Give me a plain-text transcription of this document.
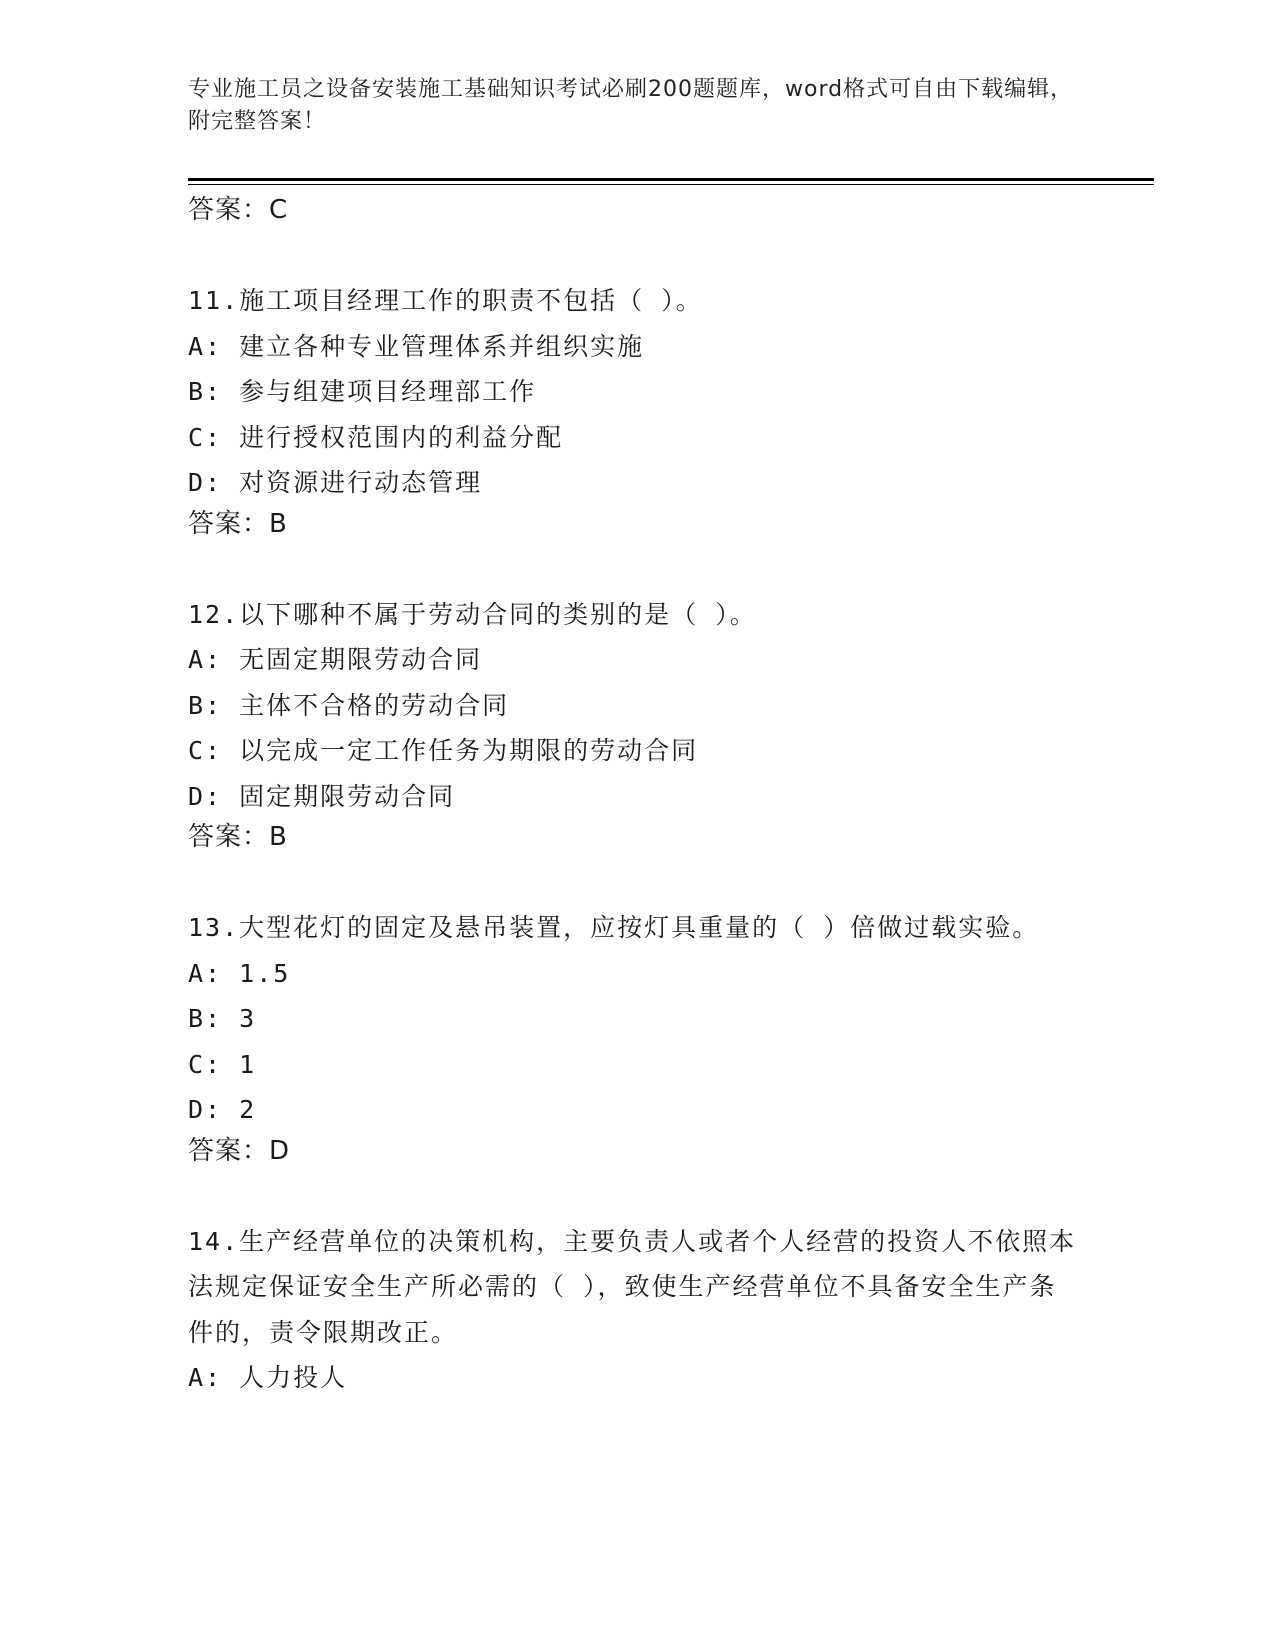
专业施工员之设备安装施工基础知识考试必刷200题题库，word格式可自由下载编辑，附完整答案！

答案：C

11.施工项目经理工作的职责不包括（ ）。

A: 建立各种专业管理体系并组织实施

B: 参与组建项目经理部工作

C: 进行授权范围内的利益分配

D: 对资源进行动态管理

答案：B

12.以下哪种不属于劳动合同的类别的是（ ）。

A: 无固定期限劳动合同

B: 主体不合格的劳动合同

C: 以完成一定工作任务为期限的劳动合同

D: 固定期限劳动合同

答案：B

13.大型花灯的固定及悬吊装置，应按灯具重量的（ ）倍做过载实验。

A: 1.5

B: 3

C: 1

D: 2

答案：D

14.生产经营单位的决策机构，主要负责人或者个人经营的投资人不依照本法规定保证安全生产所必需的（ ），致使生产经营单位不具备安全生产条件的，责令限期改正。

A: 人力投人
